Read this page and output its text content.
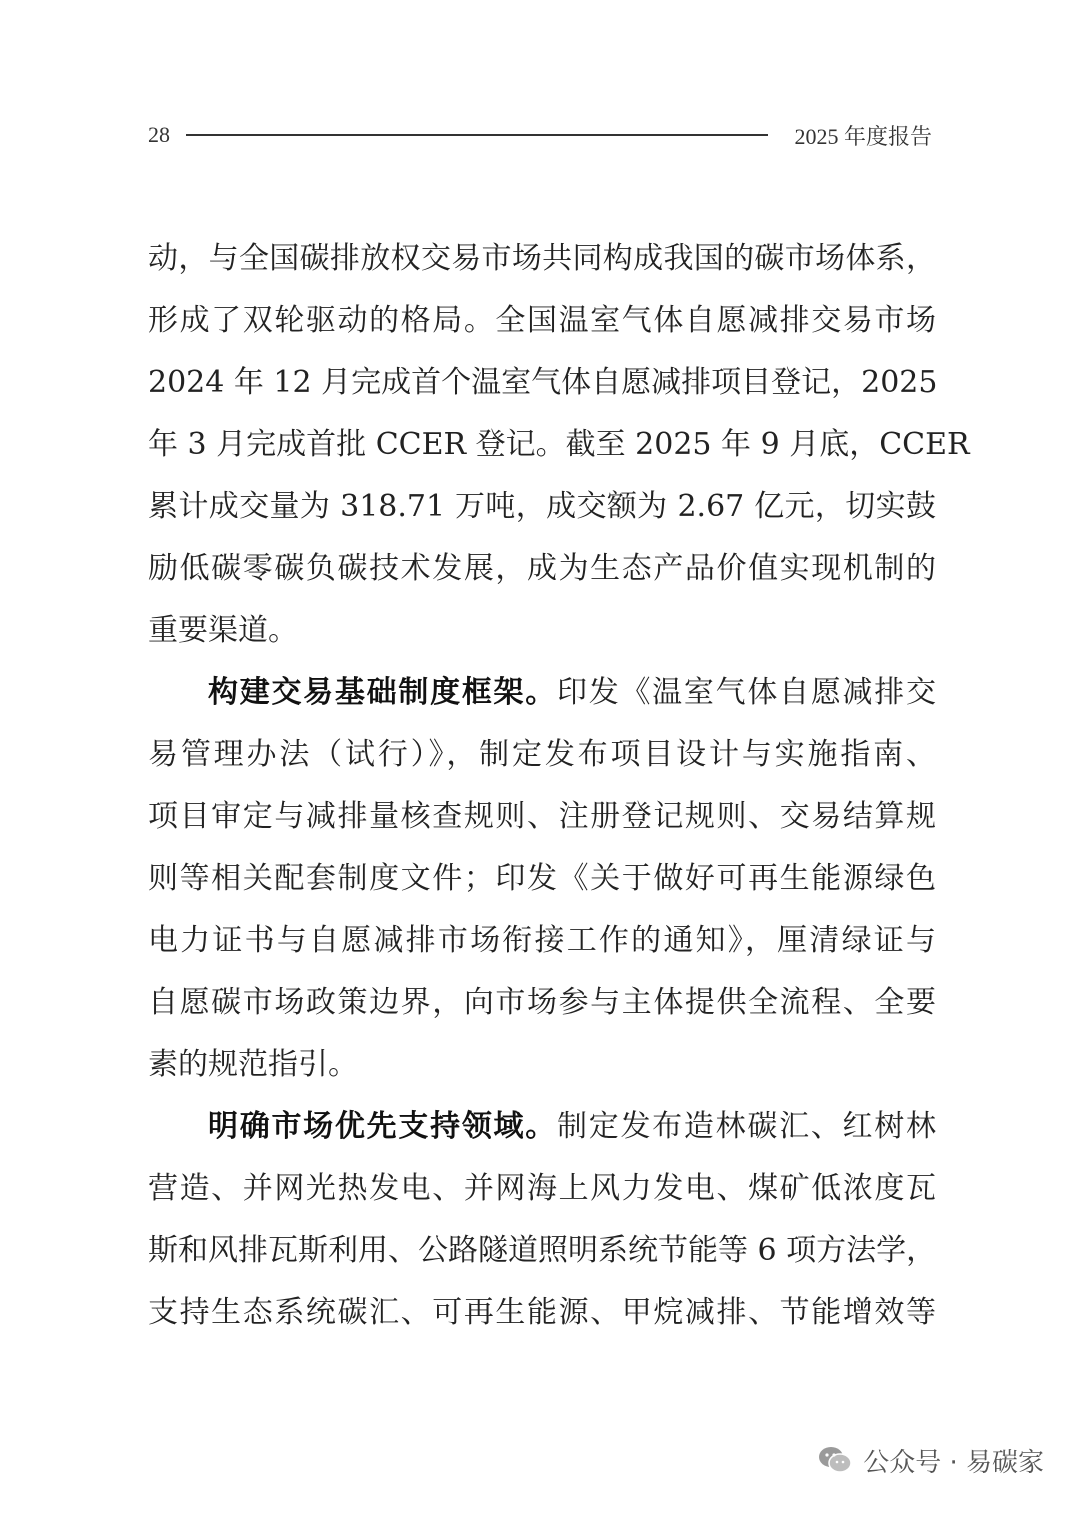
28	2025 年度报告
动，与全国碳排放权交易市场共同构成我国的碳市场体系，
形成了双轮驱动的格局。全国温室气体自愿减排交易市场
2024 年 12 月完成首个温室气体自愿减排项目登记，2025
年 3 月完成首批 CCER 登记。截至 2025 年 9 月底，CCER
累计成交量为 318.71 万吨，成交额为 2.67 亿元，切实鼓
励低碳零碳负碳技术发展，成为生态产品价值实现机制的
重要渠道。
构建交易基础制度框架。印发《温室气体自愿减排交
易管理办法（试行）》，制定发布项目设计与实施指南、
项目审定与减排量核查规则、注册登记规则、交易结算规
则等相关配套制度文件；印发《关于做好可再生能源绿色
电力证书与自愿减排市场衔接工作的通知》，厘清绿证与
自愿碳市场政策边界，向市场参与主体提供全流程、全要
素的规范指引。
明确市场优先支持领域。制定发布造林碳汇、红树林
营造、并网光热发电、并网海上风力发电、煤矿低浓度瓦
斯和风排瓦斯利用、公路隧道照明系统节能等 6 项方法学，
支持生态系统碳汇、可再生能源、甲烷减排、节能增效等
公众号 · 易碳家
